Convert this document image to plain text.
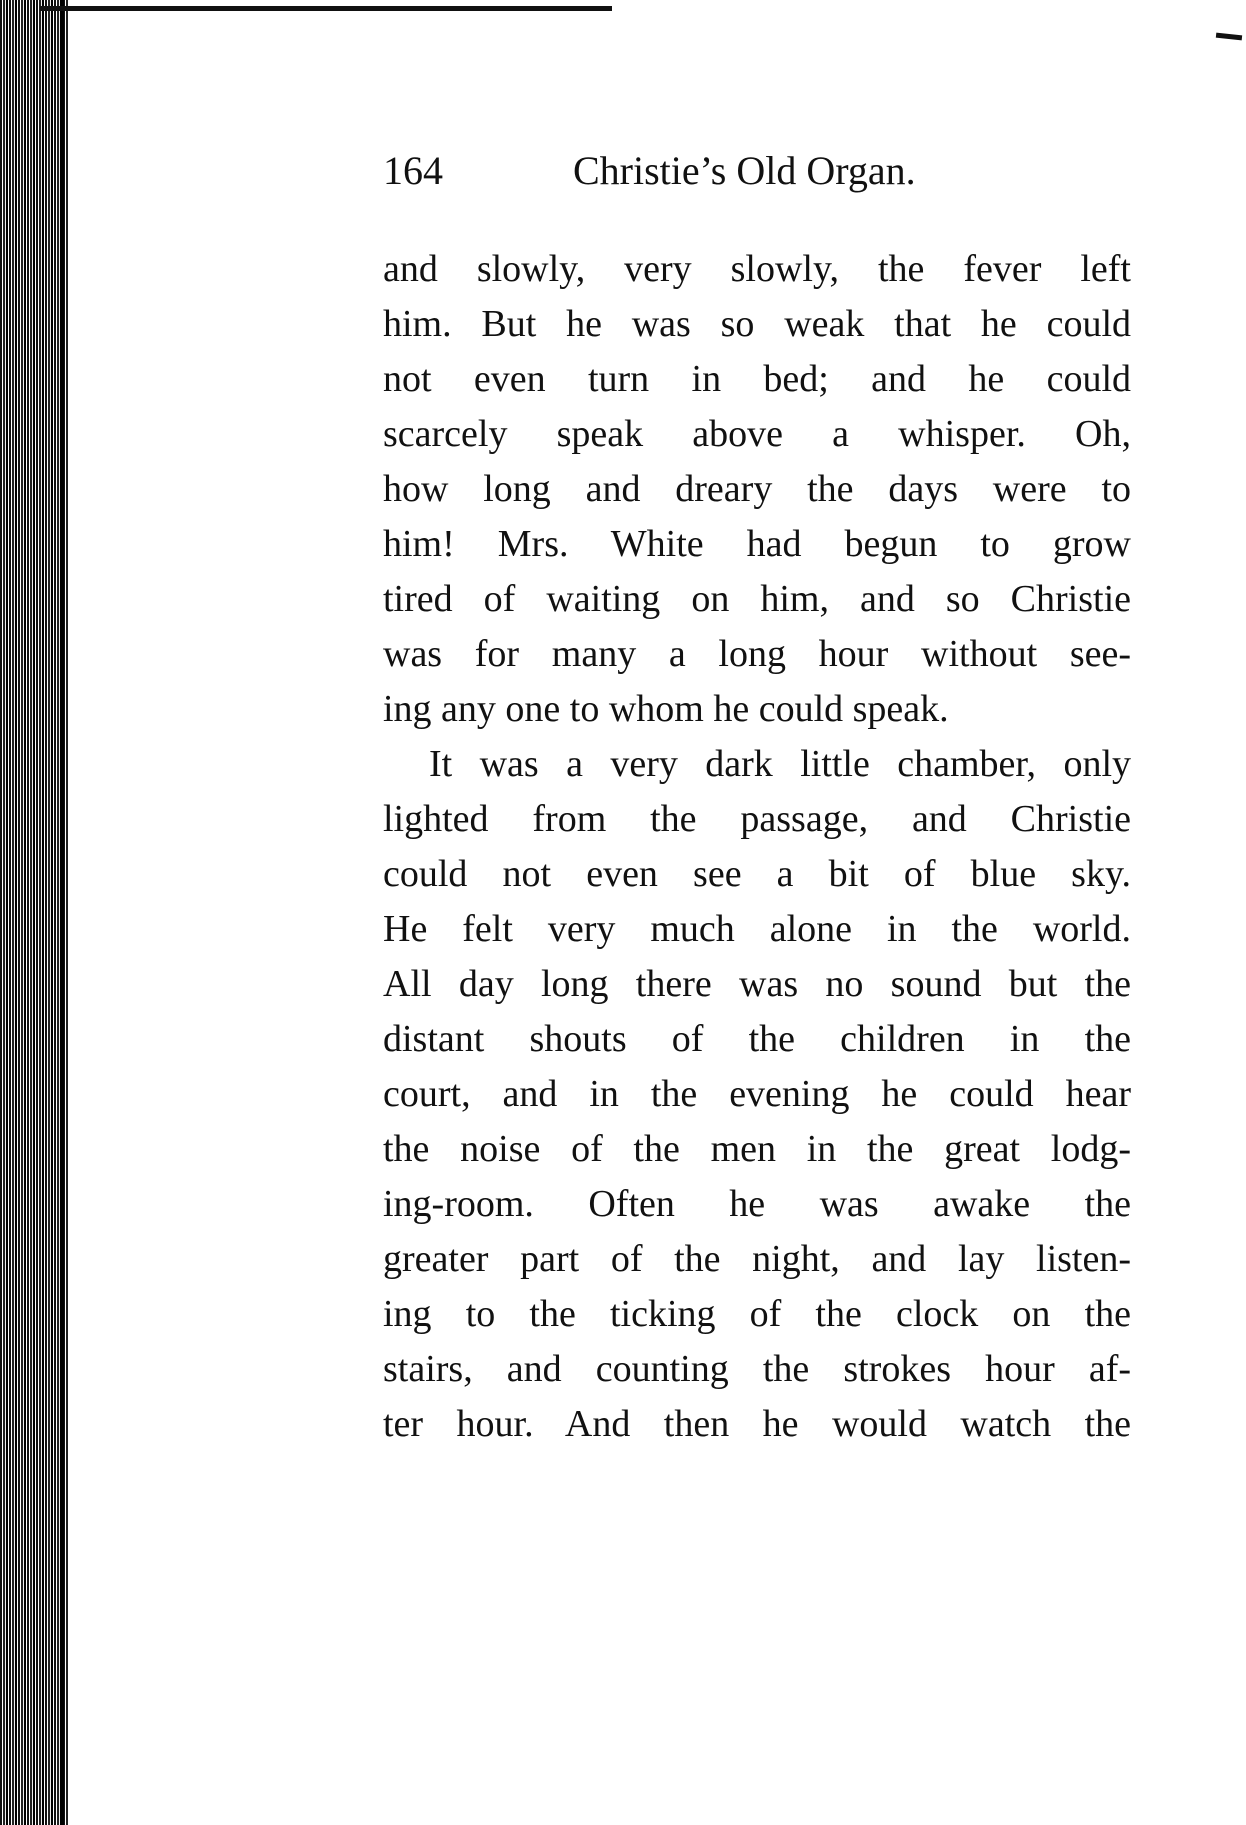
164	Christie’s Old Organ.
and slowly, very slowly, the fever left
him. But he was so weak that he could
not even turn in bed; and he could
scarcely speak above a whisper. Oh,
how long and dreary the days were to
him! Mrs. White had begun to grow
tired of waiting on him, and so Christie
was for many a long hour without see-
ing any one to whom he could speak.
It was a very dark little chamber, only
lighted from the passage, and Christie
could not even see a bit of blue sky.
He felt very much alone in the world.
All day long there was no sound but the
distant shouts of the children in the
court, and in the evening he could hear
the noise of the men in the great lodg-
ing-room. Often he was awake the
greater part of the night, and lay listen-
ing to the ticking of the clock on the
stairs, and counting the strokes hour af-
ter hour. And then he would watch the
